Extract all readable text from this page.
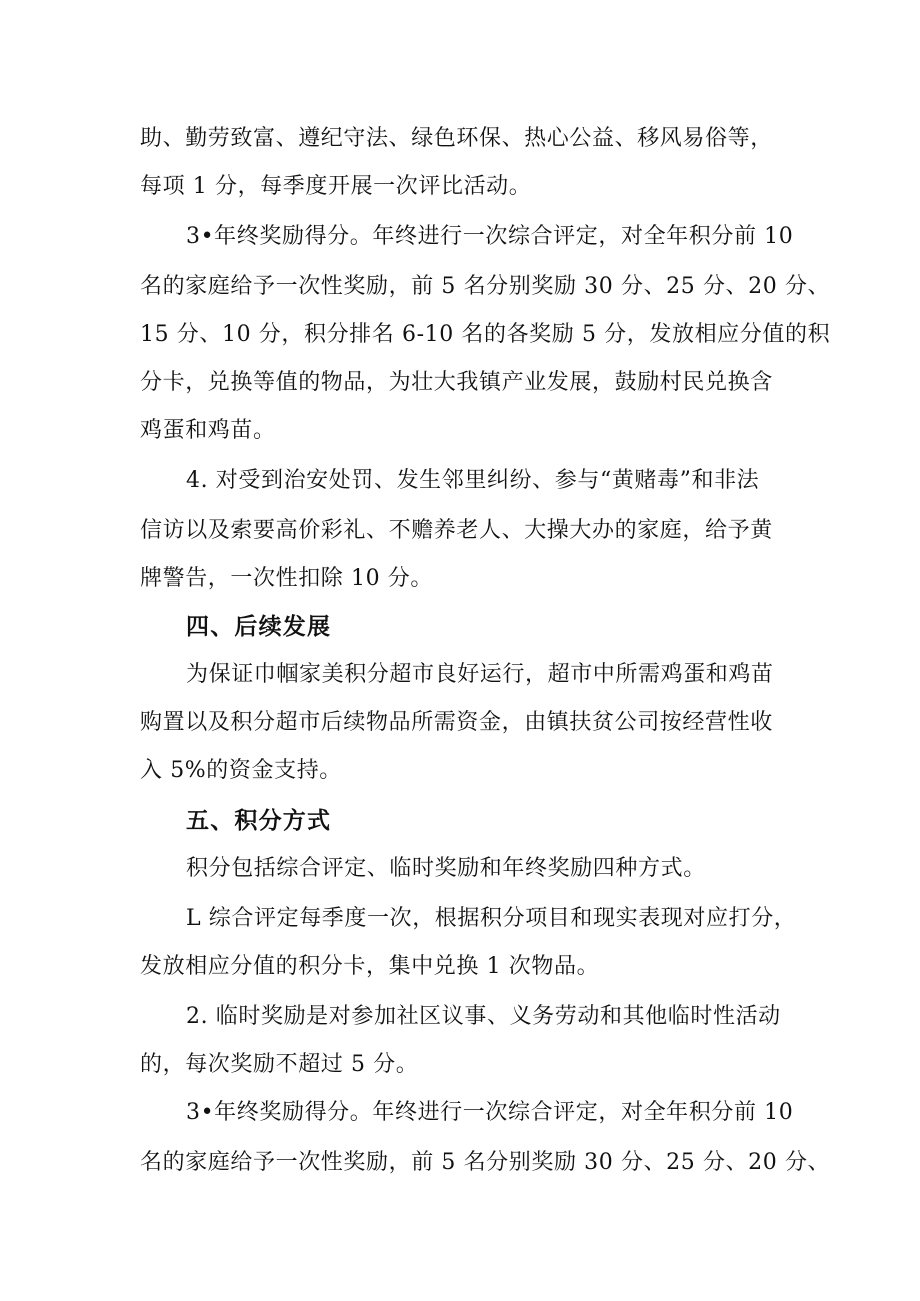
助、勤劳致富、遵纪守法、绿色环保、热心公益、移风易俗等，
每项 1 分，每季度开展一次评比活动。
3•年终奖励得分。年终进行一次综合评定，对全年积分前 10
名的家庭给予一次性奖励，前 5 名分别奖励 30 分、25 分、20 分、
15 分、10 分，积分排名 6-10 名的各奖励 5 分，发放相应分值的积
分卡，兑换等值的物品，为壮大我镇产业发展，鼓励村民兑换含
鸡蛋和鸡苗。
4. 对受到治安处罚、发生邻里纠纷、参与“黄赌毒”和非法
信访以及索要高价彩礼、不赡养老人、大操大办的家庭，给予黄
牌警告，一次性扣除 10 分。
四、后续发展
为保证巾帼家美积分超市良好运行，超市中所需鸡蛋和鸡苗
购置以及积分超市后续物品所需资金，由镇扶贫公司按经营性收
入 5%的资金支持。
五、积分方式
积分包括综合评定、临时奖励和年终奖励四种方式。
L 综合评定每季度一次，根据积分项目和现实表现对应打分，
发放相应分值的积分卡，集中兑换 1 次物品。
2. 临时奖励是对参加社区议事、义务劳动和其他临时性活动
的，每次奖励不超过 5 分。
3•年终奖励得分。年终进行一次综合评定，对全年积分前 10
名的家庭给予一次性奖励，前 5 名分别奖励 30 分、25 分、20 分、
